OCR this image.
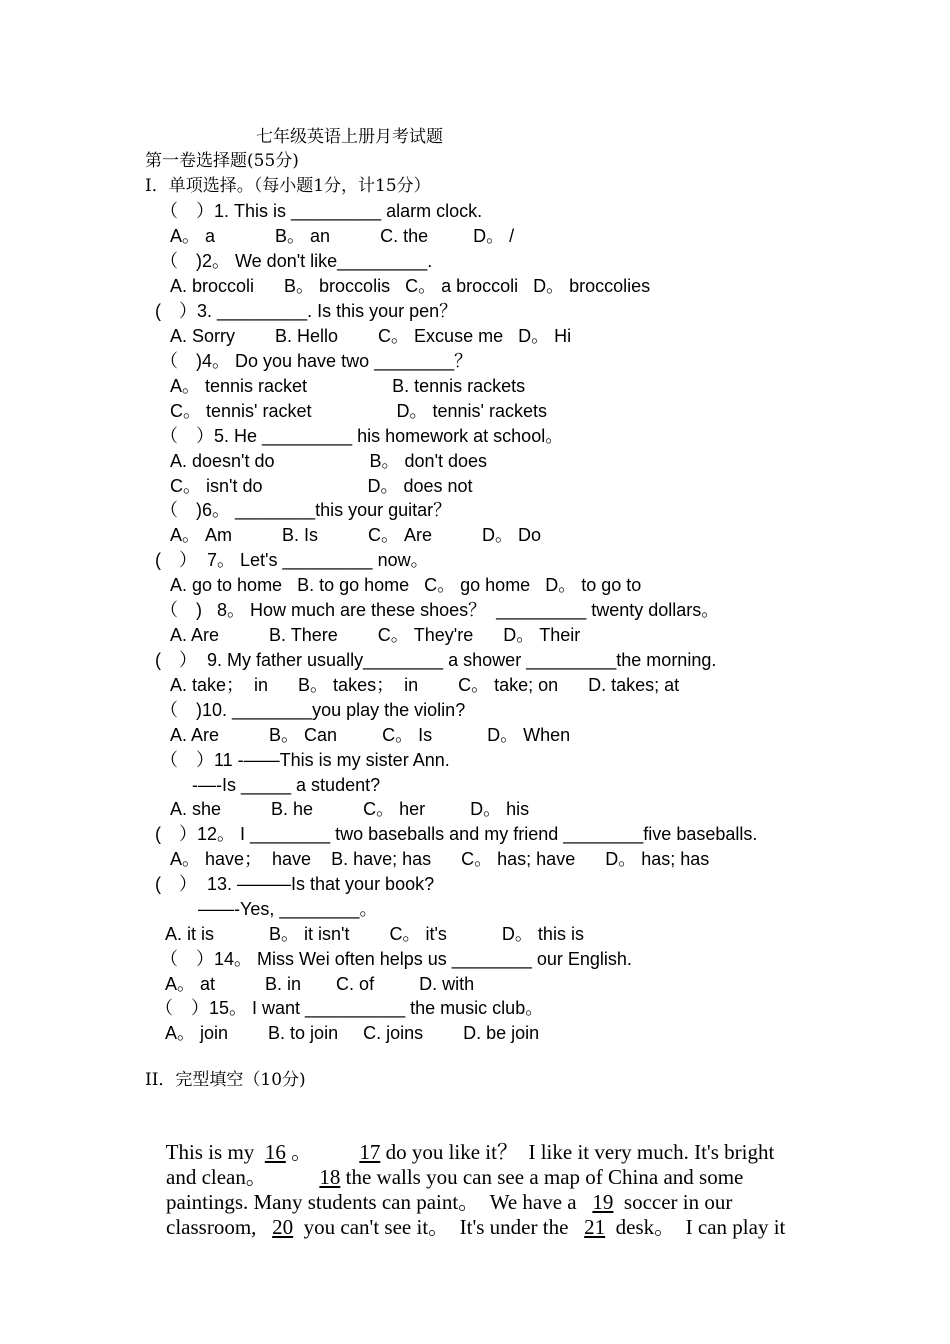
七年级英语上册月考试题
第一卷选择题(55分)
I．单项选择。（每小题1分，计15分）
（　）1. This is _________ alarm clock.
A。 a            B。 an          C. the         D。 /
（　)2。 We don't like_________.
A. broccoli      B。 broccolis   C。 a broccoli   D。 broccolies
(　）3. _________. Is this your pen？
A. Sorry        B. Hello        C。 Excuse me   D。 Hi
（　)4。 Do you have two ________？
A。 tennis racket                 B. tennis rackets
C。 tennis' racket                 D。 tennis' rackets
（　）5. He _________ his homework at school。
A. doesn't do                   B。 don't does
C。 isn't do                     D。 does not
（　)6。 ________this your guitar？
A。 Am          B. Is          C。 Are          D。 Do
(　）  7。 Let's _________ now。
A. go to home   B. to go home   C。 go home   D。 to go to
（　)   8。 How much are these shoes？  _________ twenty dollars。
A. Are          B. There        C。 They're      D。 Their
(　）  9. My father usually________ a shower _________the morning.
A. take；  in      B。 takes；  in        C。 take; on      D. takes; at
（　)10. ________you play the violin?
A. Are          B。 Can         C。 Is           D。 When
（　）11 -——This is my sister Ann.
-—-Is _____ a student?
A. she          B. he          C。 her         D。 his
(　）12。 I ________ two baseballs and my friend ________five baseballs.
A。 have；  have    B. have; has      C。 has; have      D。 has; has
(　）  13. ———Is that your book?
——-Yes, ________。
A. it is           B。 it isn't        C。 it's           D。 this is
（　）14。 Miss Wei often helps us ________ our English.
A。 at          B. in       C. of         D. with
（　）15。 I want __________ the music club。
A。 join        B. to join     C. joins        D. be join
II．完型填空（10分)

This is my  16 。         17 do you like it？  I like it very much. It's bright

and clean。          18 the walls you can see a map of China and some

paintings. Many students can paint。  We have a   19  soccer in our

classroom,   20  you can't see it。  It's under the   21  desk。  I can play it
